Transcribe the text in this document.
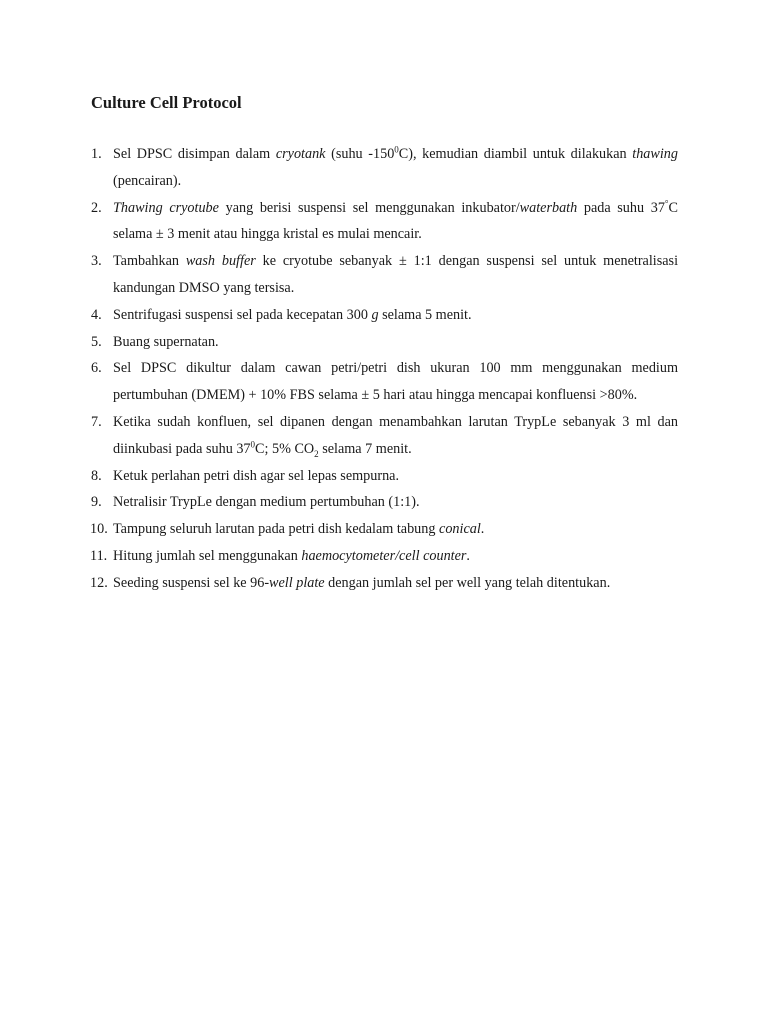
Culture Cell Protocol
1. Sel DPSC disimpan dalam cryotank (suhu $-150^0C$), kemudian diambil untuk dilakukan thawing (pencairan).
2. Thawing cryotube yang berisi suspensi sel menggunakan inkubator/waterbath pada suhu 37°C selama ± 3 menit atau hingga kristal es mulai mencair.
3. Tambahkan wash buffer ke cryotube sebanyak ± 1:1 dengan suspensi sel untuk menetralisasi kandungan DMSO yang tersisa.
4. Sentrifugasi suspensi sel pada kecepatan 300 g selama 5 menit.
5. Buang supernatan.
6. Sel DPSC dikultur dalam cawan petri/petri dish ukuran 100 mm menggunakan medium pertumbuhan (DMEM) + 10% FBS selama ± 5 hari atau hingga mencapai konfluensi >80%.
7. Ketika sudah konfluen, sel dipanen dengan menambahkan larutan TrypLe sebanyak 3 ml dan diinkubasi pada suhu $37^0C$; 5% $CO_2$ selama 7 menit.
8. Ketuk perlahan petri dish agar sel lepas sempurna.
9. Netralisir TrypLe dengan medium pertumbuhan (1:1).
10. Tampung seluruh larutan pada petri dish kedalam tabung conical.
11. Hitung jumlah sel menggunakan haemocytometer/cell counter.
12. Seeding suspensi sel ke 96-well plate dengan jumlah sel per well yang telah ditentukan.
